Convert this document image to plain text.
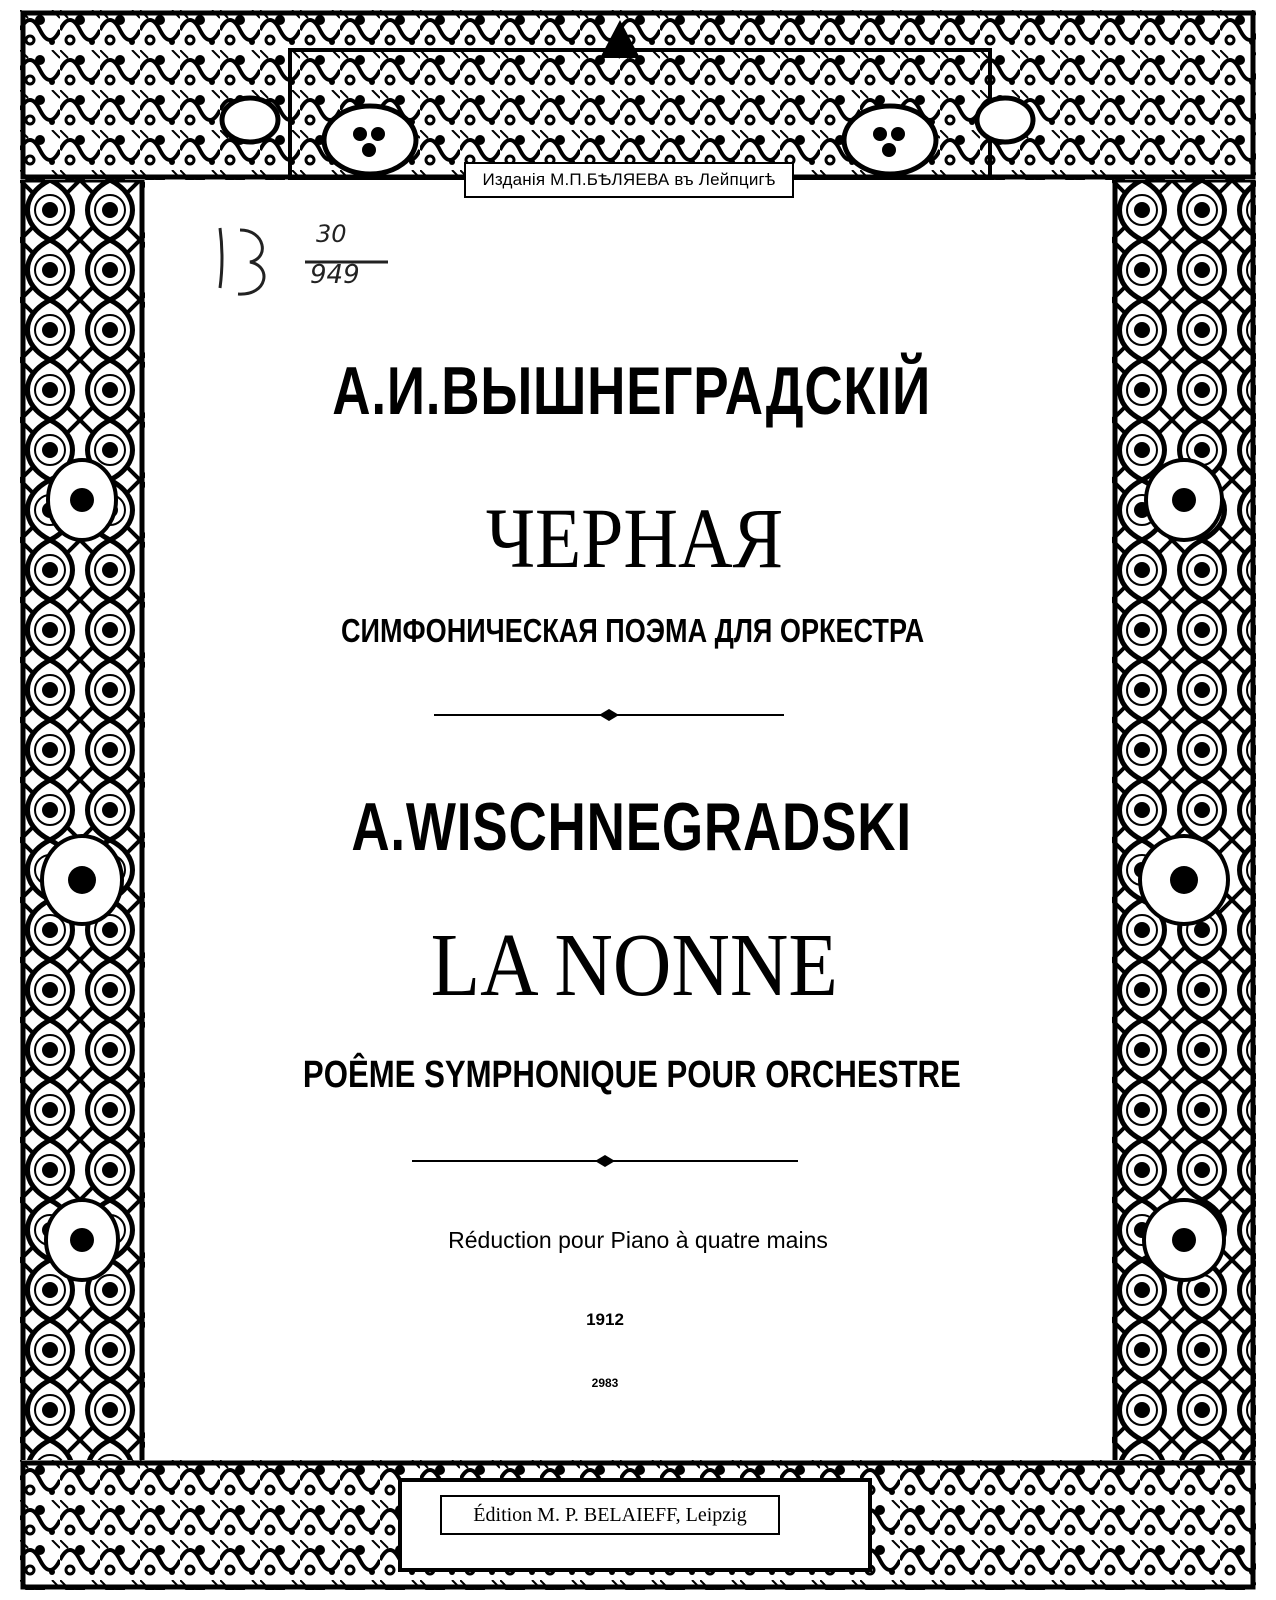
Изданія М.П.БѢЛЯЕВА въ Лейпцигѣ
30
949
А.И.ВЫШНЕГРАДСКІЙ
ЧЕРНАЯ
СИМФОНИЧЕСКАЯ ПОЭМА ДЛЯ ОРКЕСТРА
A.WISCHNEGRADSKI
LA NONNE
POÊME SYMPHONIQUE POUR ORCHESTRE
Réduction pour Piano à quatre mains
1912
2983
Édition M. P. BELAIEFF, Leipzig
